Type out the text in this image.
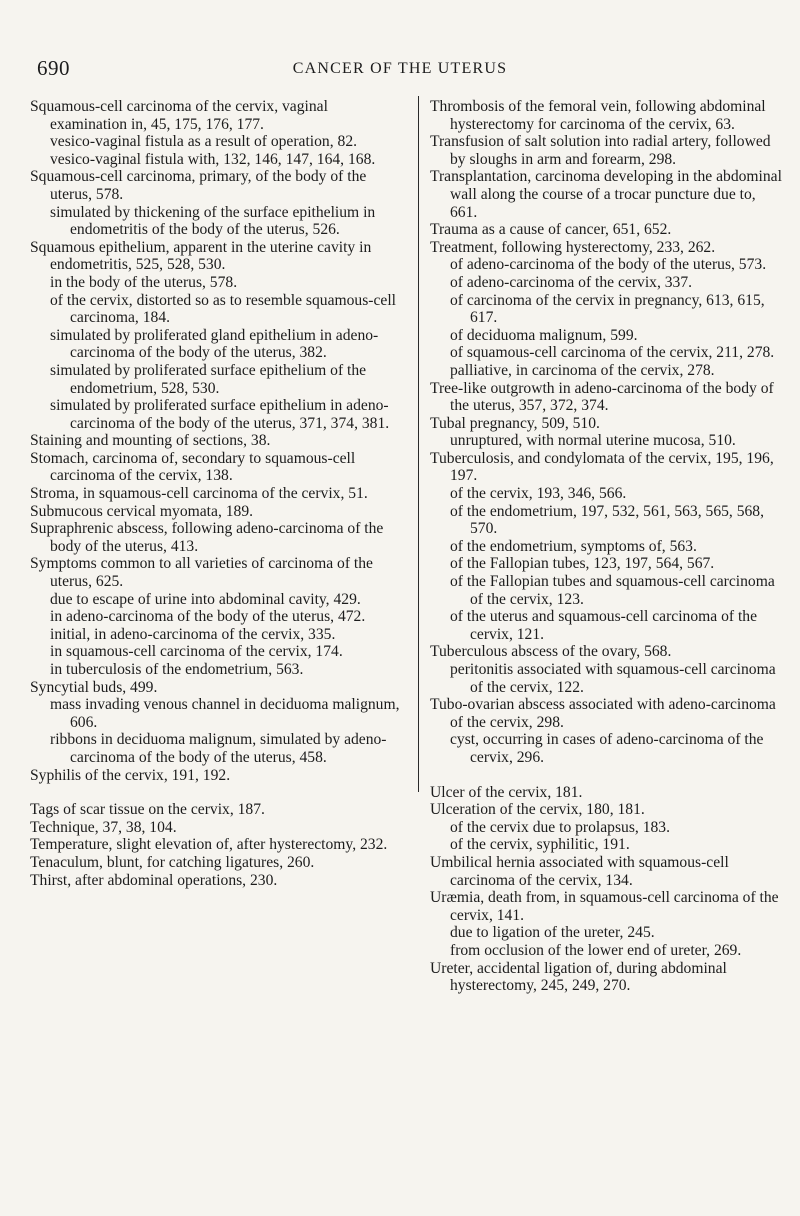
690	CANCER OF THE UTERUS

Squamous-cell carcinoma of the cervix, vaginal examination in, 45, 175, 176, 177.

vesico-vaginal fistula as a result of operation, 82.

vesico-vaginal fistula with, 132, 146, 147, 164, 168.

Squamous-cell carcinoma, primary, of the body of the uterus, 578.

simulated by thickening of the surface epithelium in endometritis of the body of the uterus, 526.

Squamous epithelium, apparent in the uterine cavity in endometritis, 525, 528, 530.

in the body of the uterus, 578.

of the cervix, distorted so as to resemble squamous-cell carcinoma, 184.

simulated by proliferated gland epithelium in adeno-carcinoma of the body of the uterus, 382.

simulated by proliferated surface epithelium of the endometrium, 528, 530.

simulated by proliferated surface epithelium in adeno-carcinoma of the body of the uterus, 371, 374, 381.

Staining and mounting of sections, 38.

Stomach, carcinoma of, secondary to squamous-cell carcinoma of the cervix, 138.

Stroma, in squamous-cell carcinoma of the cervix, 51.

Submucous cervical myomata, 189.

Supraphrenic abscess, following adeno-carcinoma of the body of the uterus, 413.

Symptoms common to all varieties of carcinoma of the uterus, 625.

due to escape of urine into abdominal cavity, 429.

in adeno-carcinoma of the body of the uterus, 472.

initial, in adeno-carcinoma of the cervix, 335.

in squamous-cell carcinoma of the cervix, 174.

in tuberculosis of the endometrium, 563.

Syncytial buds, 499.

mass invading venous channel in deciduoma malignum, 606.

ribbons in deciduoma malignum, simulated by adeno-carcinoma of the body of the uterus, 458.

Syphilis of the cervix, 191, 192.

Tags of scar tissue on the cervix, 187.

Technique, 37, 38, 104.

Temperature, slight elevation of, after hysterectomy, 232.

Tenaculum, blunt, for catching ligatures, 260.

Thirst, after abdominal operations, 230.

Thrombosis of the femoral vein, following abdominal hysterectomy for carcinoma of the cervix, 63.

Transfusion of salt solution into radial artery, followed by sloughs in arm and forearm, 298.

Transplantation, carcinoma developing in the abdominal wall along the course of a trocar puncture due to, 661.

Trauma as a cause of cancer, 651, 652.

Treatment, following hysterectomy, 233, 262.

of adeno-carcinoma of the body of the uterus, 573.

of adeno-carcinoma of the cervix, 337.

of carcinoma of the cervix in pregnancy, 613, 615, 617.

of deciduoma malignum, 599.

of squamous-cell carcinoma of the cervix, 211, 278.

palliative, in carcinoma of the cervix, 278.

Tree-like outgrowth in adeno-carcinoma of the body of the uterus, 357, 372, 374.

Tubal pregnancy, 509, 510.

unruptured, with normal uterine mucosa, 510.

Tuberculosis, and condylomata of the cervix, 195, 196, 197.

of the cervix, 193, 346, 566.

of the endometrium, 197, 532, 561, 563, 565, 568, 570.

of the endometrium, symptoms of, 563.

of the Fallopian tubes, 123, 197, 564, 567.

of the Fallopian tubes and squamous-cell carcinoma of the cervix, 123.

of the uterus and squamous-cell carcinoma of the cervix, 121.

Tuberculous abscess of the ovary, 568.

peritonitis associated with squamous-cell carcinoma of the cervix, 122.

Tubo-ovarian abscess associated with adeno-carcinoma of the cervix, 298.

cyst, occurring in cases of adeno-carcinoma of the cervix, 296.

Ulcer of the cervix, 181.

Ulceration of the cervix, 180, 181.

of the cervix due to prolapsus, 183.

of the cervix, syphilitic, 191.

Umbilical hernia associated with squamous-cell carcinoma of the cervix, 134.

Uræmia, death from, in squamous-cell carcinoma of the cervix, 141.

due to ligation of the ureter, 245.

from occlusion of the lower end of ureter, 269.

Ureter, accidental ligation of, during abdominal hysterectomy, 245, 249, 270.
